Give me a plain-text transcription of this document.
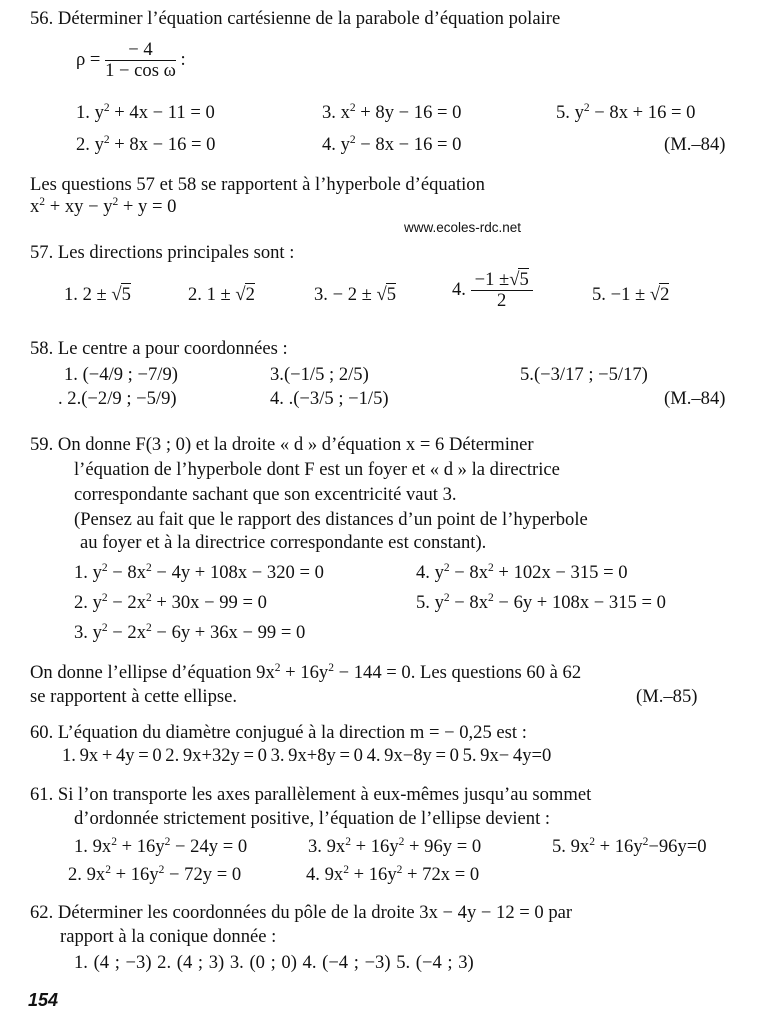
56. Déterminer l’équation cartésienne de la parabole d’équation polaire
$\rho = \frac{- 4}{\text{1 − cos ω}}$ :
1. $y^2 + 4x - 11 = 0$	3. $x^2 + 8y - 16 = 0$	5. $y^2 - 8x + 16 = 0$
2. $y^2 + 8x - 16 = 0$	4. $y^2 - 8x - 16 = 0$	(M.–84)
Les questions 57 et 58 se rapportent à l’hyperbole d’équation
$x^2$ + xy − $y^2 + y = 0$
www.ecoles-rdc.net
57. Les directions principales sont :
1. 2 ± √5	2. 1 ± √2	3. − 2 ± √5	4. $\frac{-1 \pm√5}{2}$	5. −1 ± √2
58. Le centre a pour coordonnées :
1. (−4/9 ; −7/9)	3.(−1/5 ; 2/5)	5.(−3/17 ; −5/17)
. 2.(−2/9 ; −5/9)	4. .(−3/5 ; −1/5)	(M.–84)
59. On donne F(3 ; 0) et la droite « d » d’équation x = 6 Déterminer
l’équation de l’hyperbole dont F est un foyer et « d » la directrice
correspondante sachant que son excentricité vaut 3.
(Pensez au fait que le rapport des distances d’un point de l’hyperbole
au foyer et à la directrice correspondante est constant).
1. $y^2 - 8x^2 - 4y + 108x - 320 = 0$	4. $y^2 - 8x^2 + 102x - 315 = 0$
2. $y^2 - 2x^2 + 30x - 99 = 0$	5. $y^2 - 8x^2 - 6y + 108x - 315 = 0$
3. $y^2 - 2x^2 - 6y + 36x - 99 = 0$
On donne l’ellipse d’équation $9x^2 + 16y^2 - 144 = 0$. Les questions 60 à 62
se rapportent à cette ellipse.	(M.–85)
60. L’équation du diamètre conjugué à la direction m = − 0,25 est :
1. 9x + 4y = 0 2. 9x+32y = 0 3. 9x+8y = 0 4. 9x−8y = 0 5. 9x− 4y=0
61. Si l’on transporte les axes parallèlement à eux-mêmes jusqu’au sommet
d’ordonnée strictement positive, l’équation de l’ellipse devient :
1. $9x^2 + 16y^2 - 24y = 0$	3. $9x^2 + 16y^2 + 96y = 0$	5. $9x^2 + 16y^2-96y=0$
2. $9x^2 + 16y^2 - 72y = 0$	4. $9x^2 + 16y^2 + 72x = 0$
62. Déterminer les coordonnées du pôle de la droite 3x − 4y − 12 = 0 par
rapport à la conique donnée :
1. (4 ; −3) 2. (4 ; 3) 3. (0 ; 0) 4. (−4 ; −3) 5. (−4 ; 3)
154
